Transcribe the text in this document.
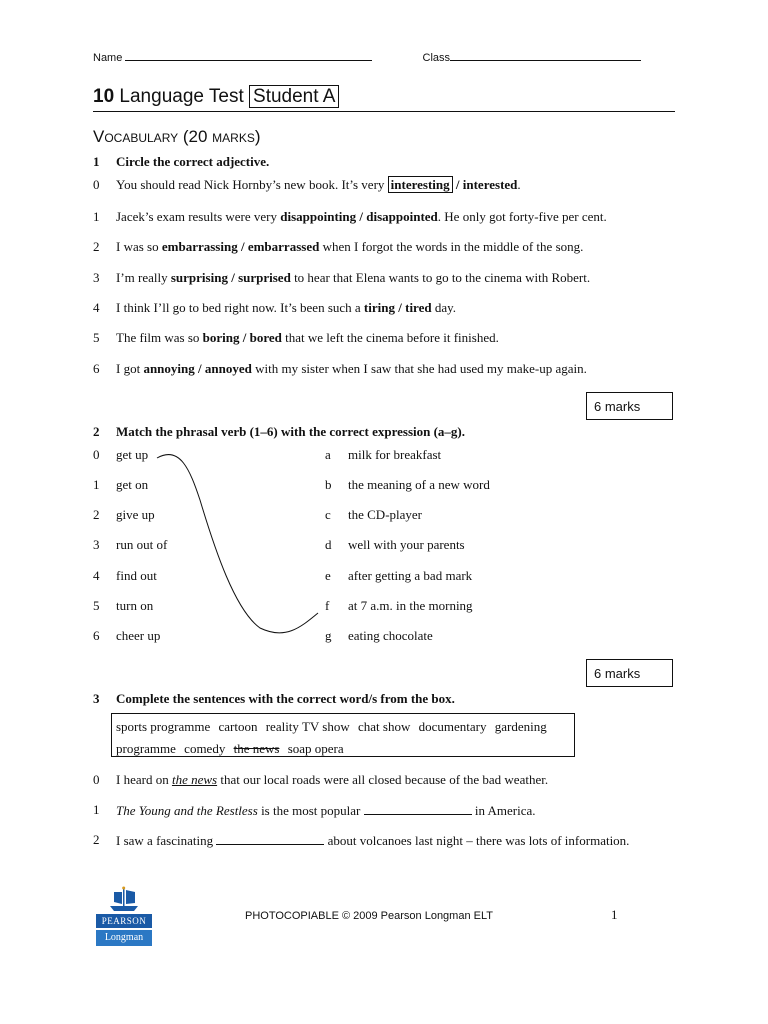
Name	Class
10 Language Test Student A
Vocabulary (20 marks)
1 Circle the correct adjective.
0 You should read Nick Hornby’s new book. It’s very interesting / interested.
1 Jacek’s exam results were very disappointing / disappointed. He only got forty-five per cent.
2 I was so embarrassing / embarrassed when I forgot the words in the middle of the song.
3 I’m really surprising / surprised to hear that Elena wants to go to the cinema with Robert.
4 I think I’ll go to bed right now. It’s been such a tiring / tired day.
5 The film was so boring / bored that we left the cinema before it finished.
6 I got annoying / annoyed with my sister when I saw that she had used my make-up again.
6 marks
2 Match the phrasal verb (1–6) with the correct expression (a–g).
0 get up	a milk for breakfast
1 get on	b the meaning of a new word
2 give up	c the CD-player
3 run out of	d well with your parents
4 find out	e after getting a bad mark
5 turn on	f at 7 a.m. in the morning
6 cheer up	g eating chocolate
6 marks
3 Complete the sentences with the correct word/s from the box.
sports programme cartoon reality TV show chat show documentary gardening programme comedy the news soap opera
0 I heard on the news that our local roads were all closed because of the bad weather.
1 The Young and the Restless is the most popular	in America.
2 I saw a fascinating	about volcanoes last night – there was lots of information.
PEARSON
Longman
PHOTOCOPIABLE © 2009 Pearson Longman ELT	1
